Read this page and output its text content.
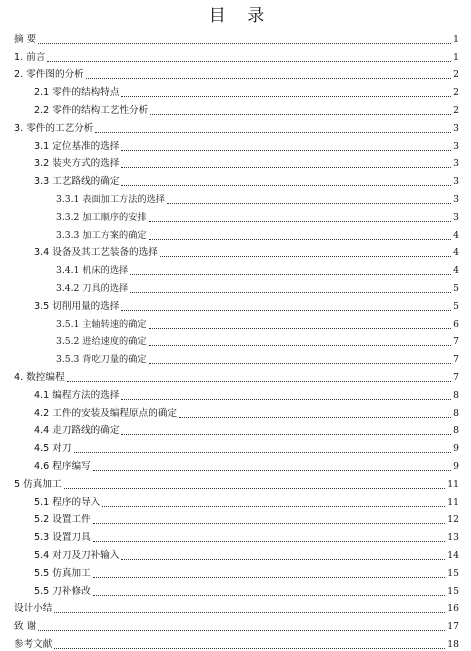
目 录
摘 要	1
1. 前言	1
2. 零件图的分析	2
2.1 零件的结构特点	2
2.2 零件的结构工艺性分析	2
3. 零件的工艺分析	3
3.1 定位基准的选择	3
3.2 装夹方式的选择	3
3.3 工艺路线的确定	3
3.3.1 表面加工方法的选择	3
3.3.2 加工顺序的安排	3
3.3.3 加工方案的确定	4
3.4 设备及其工艺装备的选择	4
3.4.1 机床的选择	4
3.4.2 刀具的选择	5
3.5 切削用量的选择	5
3.5.1 主轴转速的确定	6
3.5.2 进给速度的确定	7
3.5.3 背吃刀量的确定	7
4. 数控编程	7
4.1 编程方法的选择	8
4.2 工件的安装及编程原点的确定	8
4.4 走刀路线的确定	8
4.5 对刀	9
4.6 程序编写	9
5 仿真加工	11
5.1 程序的导入	11
5.2 设置工件	12
5.3 设置刀具	13
5.4 对刀及刀补输入	14
5.5 仿真加工	15
5.5 刀补修改	15
设计小结	16
致 谢	17
参考文献	18
